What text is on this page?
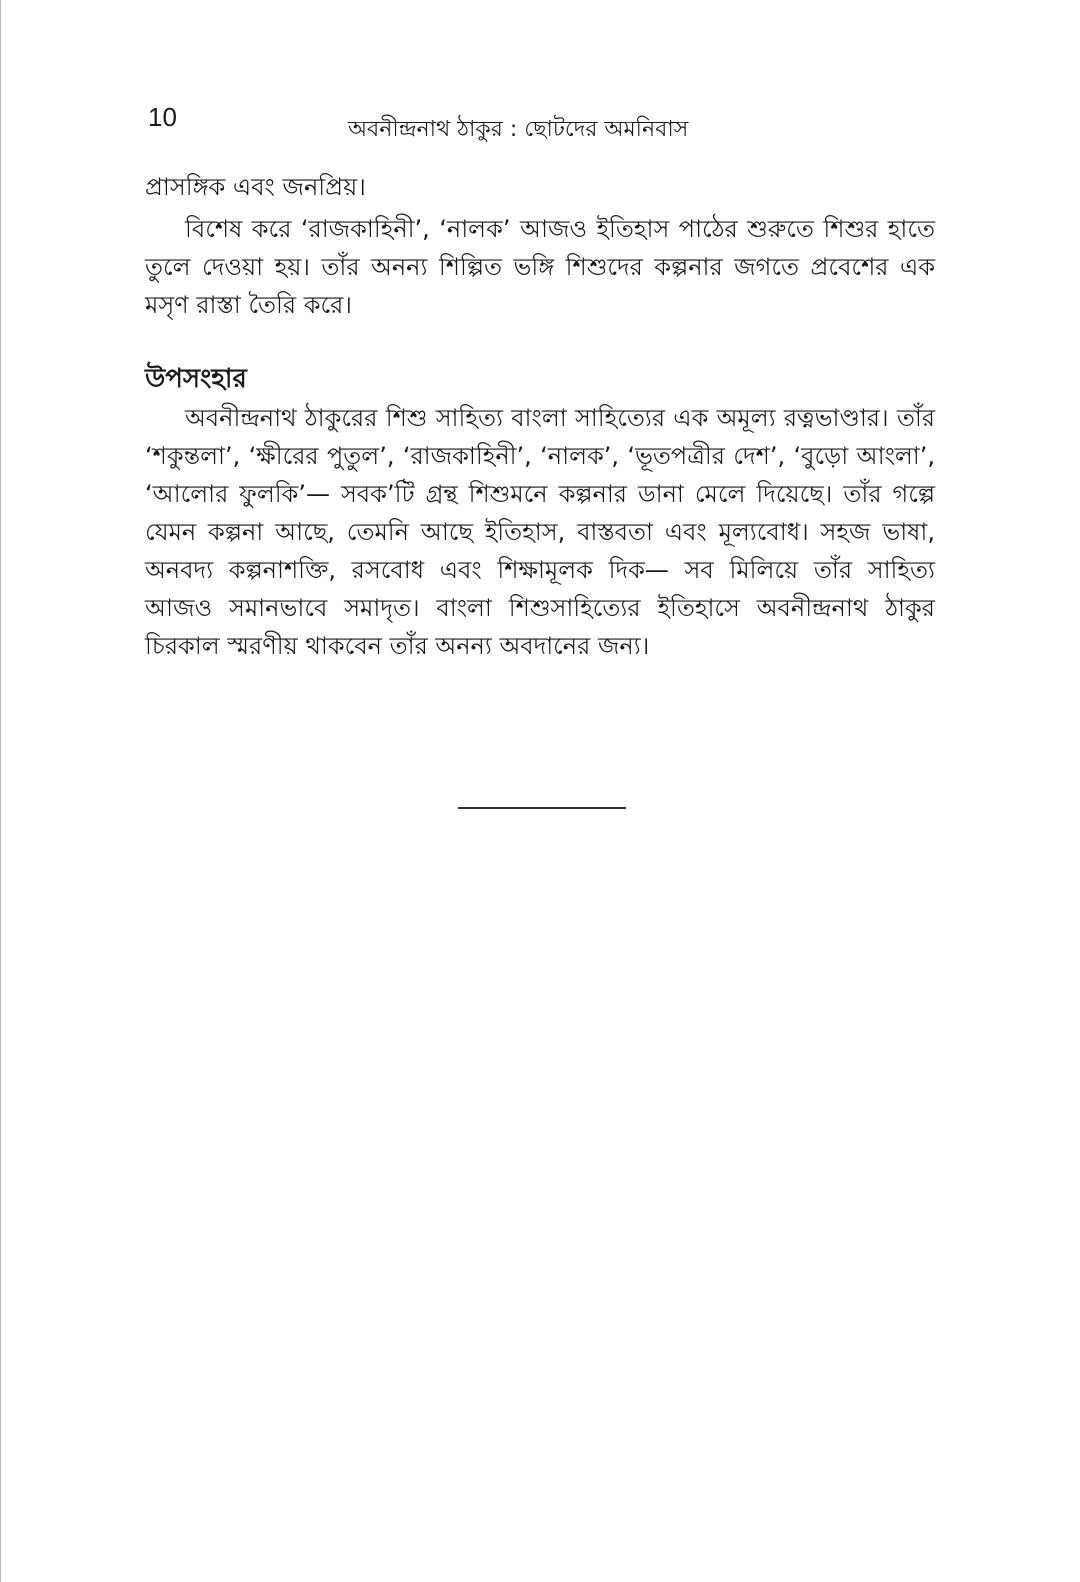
10	অবনীন্দ্রনাথ ঠাকুর : ছোটদের অমনিবাস

প্রাসঙ্গিক এবং জনপ্রিয়।

বিশেষ করে ‘রাজকাহিনী’, ‘নালক’ আজও ইতিহাস পাঠের শুরুতে শিশুর হাতে তুলে দেওয়া হয়। তাঁর অনন্য শিল্পিত ভঙ্গি শিশুদের কল্পনার জগতে প্রবেশের এক মসৃণ রাস্তা তৈরি করে।

উপসংহার

অবনীন্দ্রনাথ ঠাকুরের শিশু সাহিত্য বাংলা সাহিত্যের এক অমূল্য রত্নভাণ্ডার। তাঁর ‘শকুন্তলা’, ‘ক্ষীরের পুতুল’, ‘রাজকাহিনী’, ‘নালক’, ‘ভূতপত্রীর দেশ’, ‘বুড়ো আংলা’, ‘আলোর ফুলকি’— সবক’টি গ্রন্থ শিশুমনে কল্পনার ডানা মেলে দিয়েছে। তাঁর গল্পে যেমন কল্পনা আছে, তেমনি আছে ইতিহাস, বাস্তবতা এবং মূল্যবোধ। সহজ ভাষা, অনবদ্য কল্পনাশক্তি, রসবোধ এবং শিক্ষামূলক দিক— সব মিলিয়ে তাঁর সাহিত্য আজও সমানভাবে সমাদৃত। বাংলা শিশুসাহিত্যের ইতিহাসে অবনীন্দ্রনাথ ঠাকুর চিরকাল স্মরণীয় থাকবেন তাঁর অনন্য অবদানের জন্য।
